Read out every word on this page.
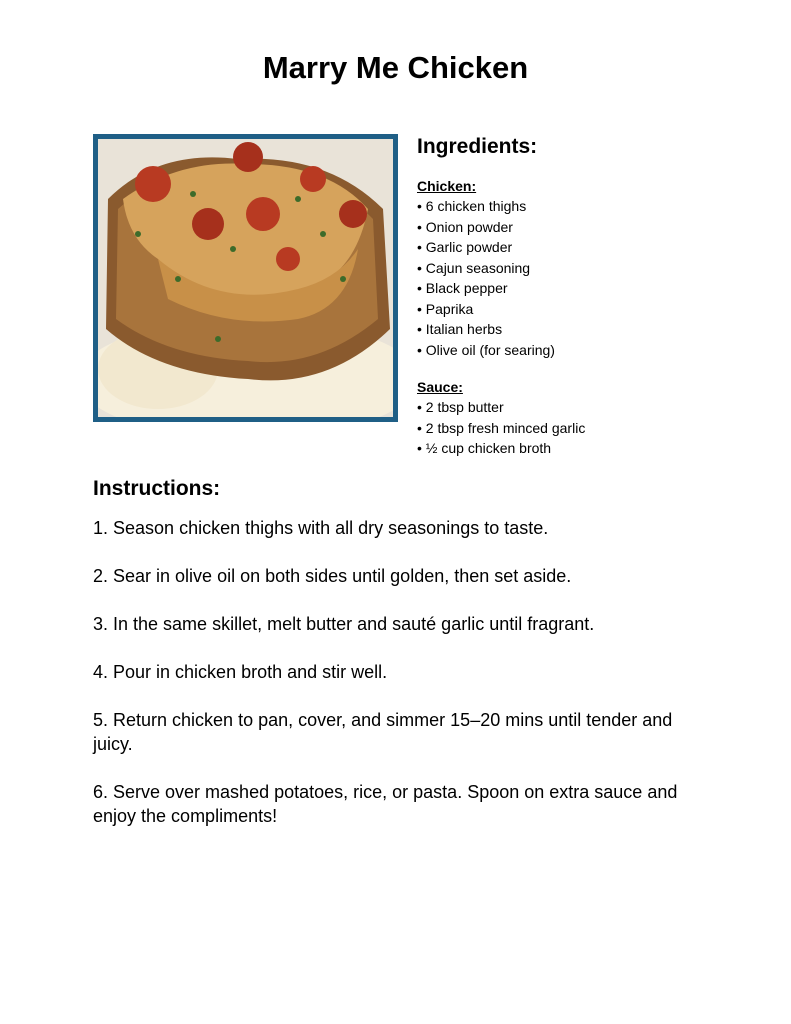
Marry Me Chicken
Ingredients:
Chicken:
• 6 chicken thighs
• Onion powder
• Garlic powder
• Cajun seasoning
• Black pepper
• Paprika
• Italian herbs
• Olive oil (for searing)
Sauce:
• 2 tbsp butter
• 2 tbsp fresh minced garlic
• ½ cup chicken broth
Instructions:
1. Season chicken thighs with all dry seasonings to taste.
2. Sear in olive oil on both sides until golden, then set aside.
3. In the same skillet, melt butter and sauté garlic until fragrant.
4. Pour in chicken broth and stir well.
5. Return chicken to pan, cover, and simmer 15–20 mins until tender and juicy.
6. Serve over mashed potatoes, rice, or pasta. Spoon on extra sauce and enjoy the compliments!
